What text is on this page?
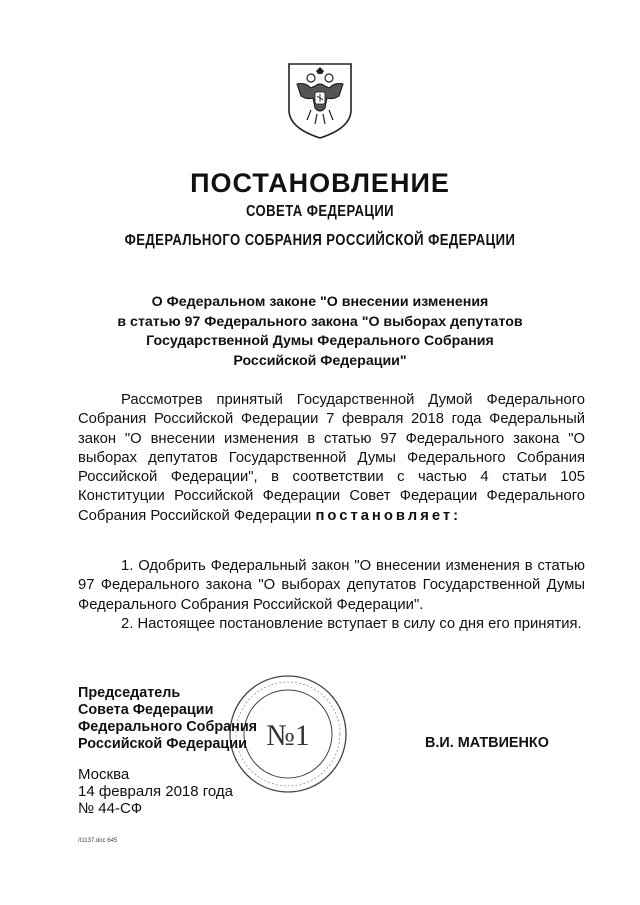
ПОСТАНОВЛЕНИЕ
СОВЕТА ФЕДЕРАЦИИ
ФЕДЕРАЛЬНОГО СОБРАНИЯ РОССИЙСКОЙ ФЕДЕРАЦИИ
О Федеральном законе "О внесении изменения
в статью 97 Федерального закона "О выборах депутатов
Государственной Думы Федерального Собрания
Российской Федерации"

Рассмотрев принятый Государственной Думой Федерального Собрания Российской Федерации 7 февраля 2018 года Федеральный закон "О внесении изменения в статью 97 Федерального закона "О выборах депутатов Государственной Думы Федерального Собрания Российской Федерации", в соответствии с частью 4 статьи 105 Конституции Российской Федерации Совет Федерации Федерального Собрания Российской Федерации постановляет:

1. Одобрить Федеральный закон "О внесении изменения в статью 97 Федерального закона "О выборах депутатов Государственной Думы Федерального Собрания Российской Федерации".

2. Настоящее постановление вступает в силу со дня его принятия.

№1
Председатель
Совета Федерации
Федерального Собрания
Российской Федерации	В.И. МАТВИЕНКО
Москва
14 февраля 2018 года
№ 44-СФ
/I1137.doc 645
